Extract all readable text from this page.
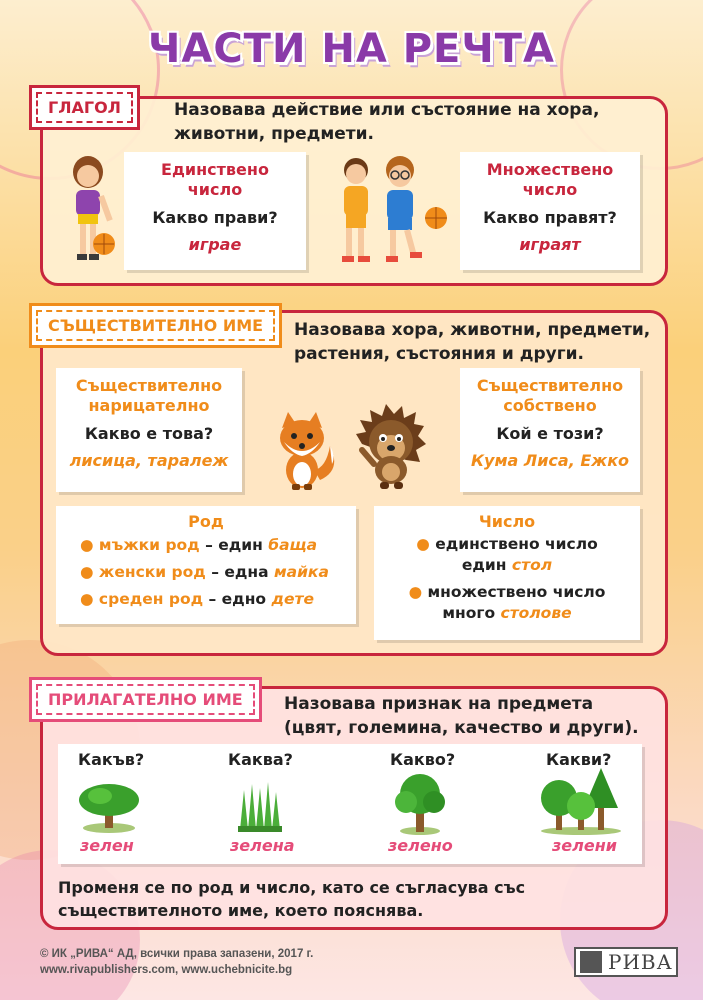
ЧАСТИ НА РЕЧТА
ГЛАГОЛ	Назовава действие или състояние на хора,
животни, предмети.
Единствено
число
Какво прави?
играе
Множествено
число
Какво правят?
играят
СЪЩЕСТВИТЕЛНО ИМЕ	Назовава хора, животни, предмети,
растения, състояния и други.
Съществително
нарицателно
Какво е това?
лисица, таралеж
Съществително
собствено
Кой е този?
Кума Лиса, Ежко
Род
● мъжки род – един баща
● женски род – една майка
● среден род – едно дете
Число
● единствено число
един стол
● множествено число
много столове
ПРИЛАГАТЕЛНО ИМЕ	Назовава признак на предмета
(цвят, големина, качество и други).
Какъв?	Каква?	Какво?	Какви?
зелен	зелена	зелено	зелени
Променя се по род и число, като се съгласува със
съществителното име, което пояснява.
© ИК „РИВА“ АД, всички права запазени, 2017 г.
www.rivapublishers.com, www.uchebnicite.bg	РИВА
